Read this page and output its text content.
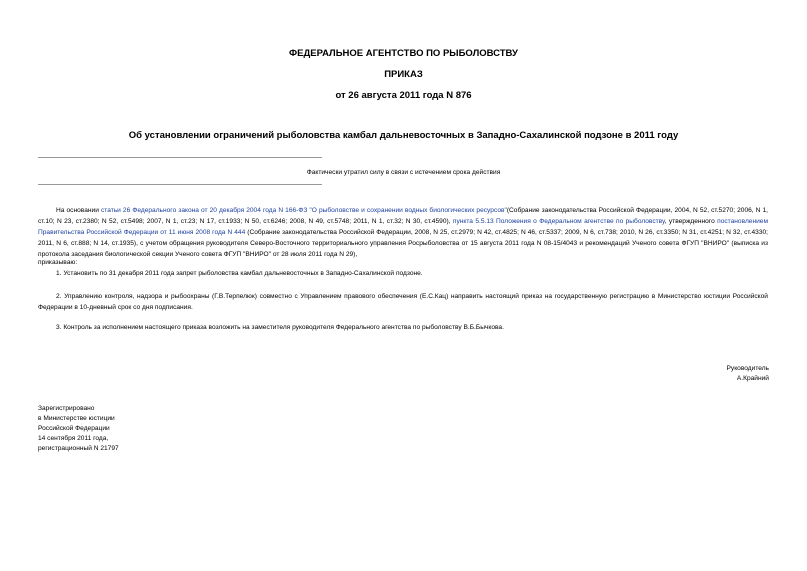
ФЕДЕРАЛЬНОЕ АГЕНТСТВО ПО РЫБОЛОВСТВУ
ПРИКАЗ
от 26 августа 2011 года N 876
Об установлении ограничений рыболовства камбал дальневосточных в Западно-Сахалинской подзоне в 2011 году
Фактически утратил силу в связи с истечением срока действия
На основании статьи 26 Федерального закона от 20 декабря 2004 года N 166-ФЗ "О рыболовстве и сохранении водных биологических ресурсов"(Собрание законодательства Российской Федерации, 2004, N 52, ст.5270; 2006, N 1, ст.10; N 23, ст.2380; N 52, ст.5498; 2007, N 1, ст.23; N 17, ст.1933; N 50, ст.6246; 2008, N 49, ст.5748; 2011, N 1, ст.32; N 30, ст.4590), пункта 5.5.13 Положения о Федеральном агентстве по рыболовству, утвержденного постановлением Правительства Российской Федерации от 11 июня 2008 года N 444 (Собрание законодательства Российской Федерации, 2008, N 25, ст.2979; N 42, ст.4825; N 46, ст.5337; 2009, N 6, ст.738; 2010, N 26, ст.3350; N 31, ст.4251; N 32, ст.4330; 2011, N 6, ст.888; N 14, ст.1935), с учетом обращения руководителя Северо-Восточного территориального управления Росрыболовства от 15 августа 2011 года N 08-15/4043 и рекомендаций Ученого совета ФГУП "ВНИРО" (выписка из протокола заседания биологической секции Ученого совета ФГУП "ВНИРО" от 28 июля 2011 года N 29),
приказываю:
1. Установить по 31 декабря 2011 года запрет рыболовства камбал дальневосточных в Западно-Сахалинской подзоне.
2. Управлению контроля, надзора и рыбоохраны (Г.В.Терпелюк) совместно с Управлением правового обеспечения (Е.С.Кац) направить настоящий приказ на государственную регистрацию в Министерство юстиции Российской Федерации в 10-дневный срок со дня подписания.
3. Контроль за исполнением настоящего приказа возложить на заместителя руководителя Федерального агентства по рыболовству В.Б.Бычкова.
Руководитель
А.Крайний
Зарегистрировано
в Министерстве юстиции
Российской Федерации
14 сентября 2011 года,
регистрационный N 21797
